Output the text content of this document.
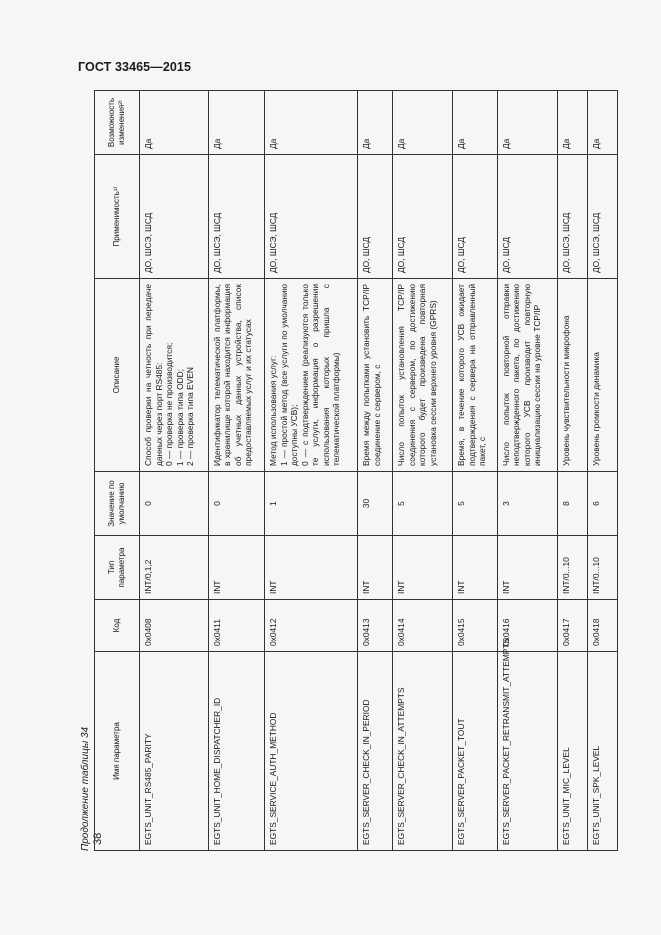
ГОСТ 33465—2015
38
Продолжение таблицы 34	Имя параметра	Код	Тип параметра	Значение по умолчанию	Описание	Применимость¹⁾	Возможность изменения²⁾
EGTS_UNIT_RS485_PARITY	0x0408	INT/0,1,2	0	Способ проверки на четность при передаче данных через порт RS485: 0 — проверка не производится; 1 — проверка типа ODD; 2 — проверка типа EVEN	ДО, ШСЭ, ШСД	Да
EGTS_UNIT_HOME_DISPATCHER_ID	0x0411	INT	0	Идентификатор телематической платформы, в хранилище которой находится информация об учетных данных устройства, список предоставляемых услуг и их статусах	ДО, ШСЭ, ШСД	Да
EGTS_SERVICE_AUTH_METHOD	0x0412	INT	1	Метод использования услуг: 1 — простой метод (все услуги по умолчанию доступны УСВ); 0 — с подтверждением (реализуются только те услуги, информация о разрешении использования которых пришла с телематической платформы)	ДО, ШСЭ, ШСД	Да
EGTS_SERVER_CHECK_IN_PERIOD	0x0413	INT	30	Время между попытками установить TCP/IP соединение с сервером, с	ДО, ШСД	Да
EGTS_SERVER_CHECK_IN_ATTEMPTS	0x0414	INT	5	Число попыток установления TCP/IP соединения с сервером, по достижению которого будет произведена повторная установка сессии верхнего уровня (GPRS)	ДО, ШСД	Да
EGTS_SERVER_PACKET_TOUT	0x0415	INT	5	Время, в течение которого УСВ ожидает подтверждения с сервера на отправленный пакет, с	ДО, ШСД	Да
EGTS_SERVER_PACKET_RETRANSMIT_ATTEMPTS	0x0416	INT	3	Число попыток повторной отправки неподтвержденного пакета, по достижению которого УСВ производит повторную инициализацию сессии на уровне TCP/IP	ДО, ШСД	Да
EGTS_UNIT_MIC_LEVEL	0x0417	INT/0...10	8	Уровень чувствительности микрофона	ДО, ШСЭ, ШСД	Да
EGTS_UNIT_SPK_LEVEL	0x0418	INT/0...10	6	Уровень громкости динамика	ДО, ШСЭ, ШСД	Да
